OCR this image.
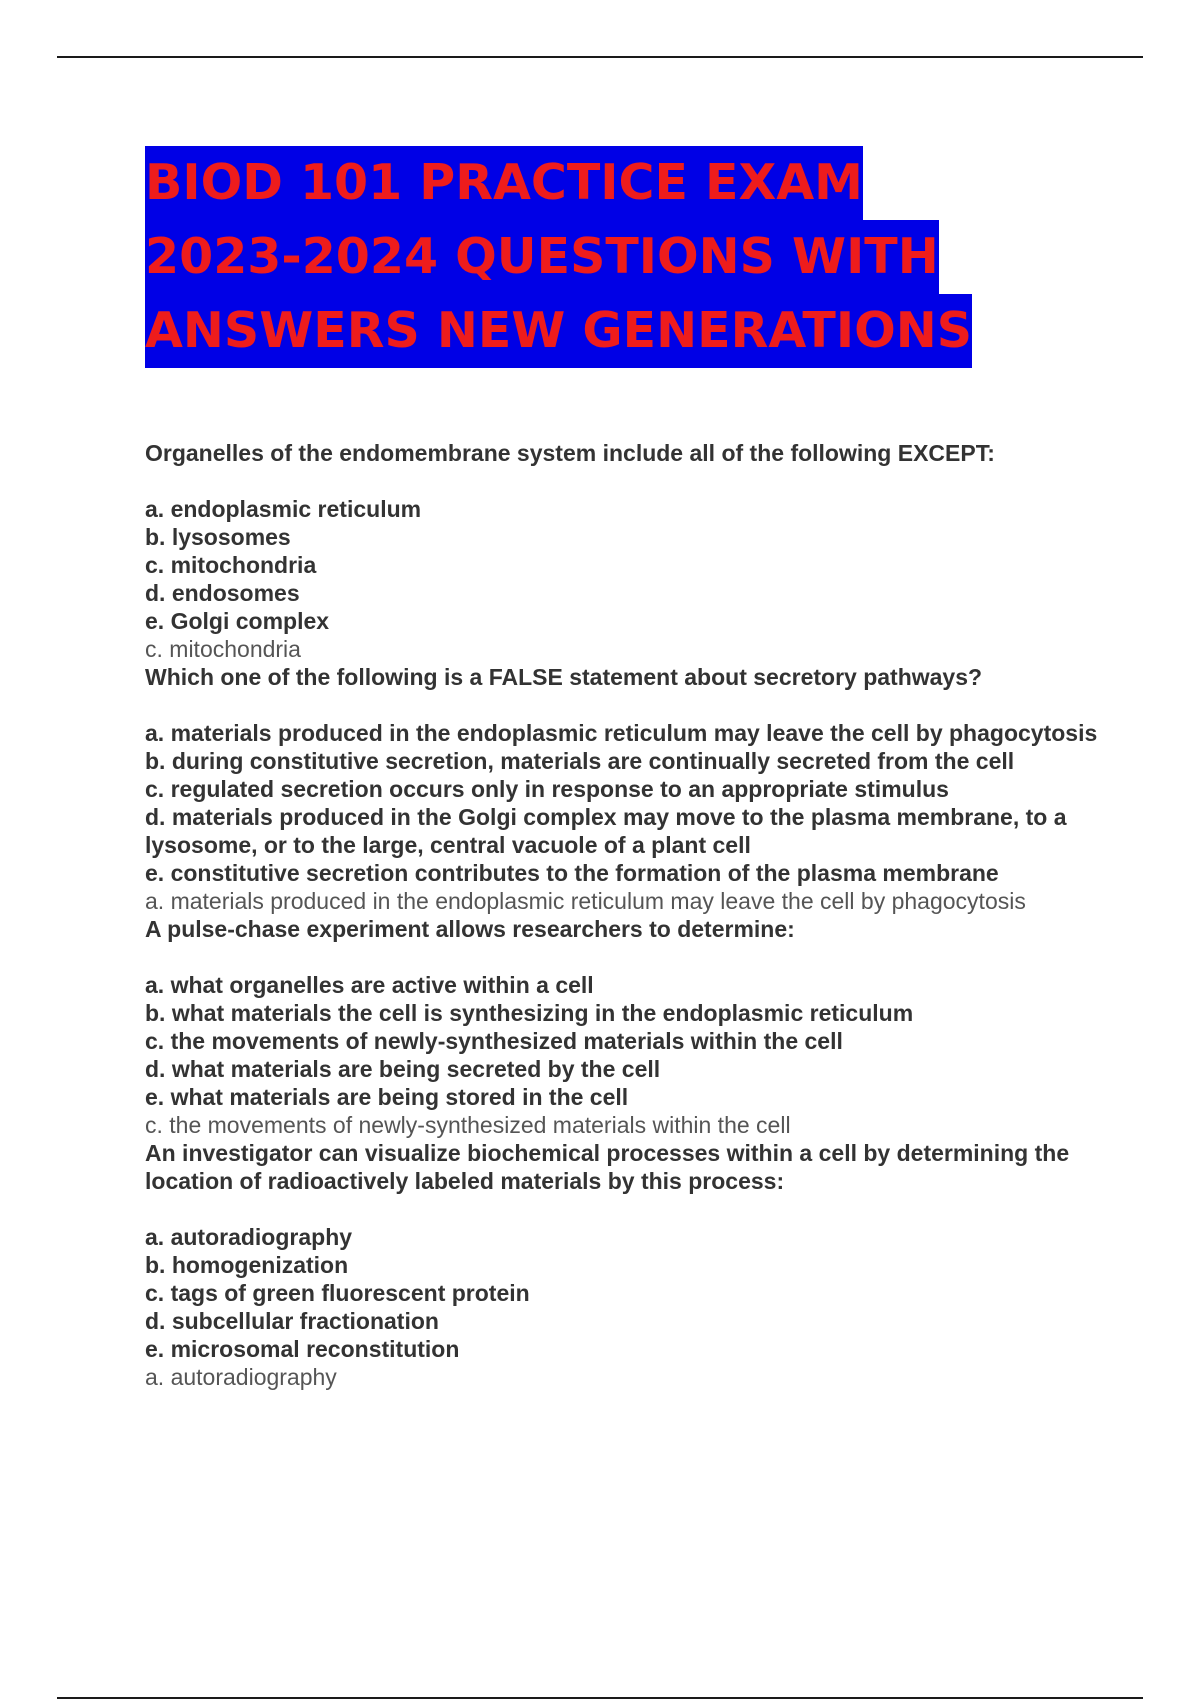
BIOD 101 PRACTICE EXAM
2023-2024 QUESTIONS WITH
ANSWERS NEW GENERATIONS
Organelles of the endomembrane system include all of the following EXCEPT:
a. endoplasmic reticulum
b. lysosomes
c. mitochondria
d. endosomes
e. Golgi complex
c. mitochondria
Which one of the following is a FALSE statement about secretory pathways?
a. materials produced in the endoplasmic reticulum may leave the cell by phagocytosis
b. during constitutive secretion, materials are continually secreted from the cell
c. regulated secretion occurs only in response to an appropriate stimulus
d. materials produced in the Golgi complex may move to the plasma membrane, to a lysosome, or to the large, central vacuole of a plant cell
e. constitutive secretion contributes to the formation of the plasma membrane
a. materials produced in the endoplasmic reticulum may leave the cell by phagocytosis
A pulse-chase experiment allows researchers to determine:
a. what organelles are active within a cell
b. what materials the cell is synthesizing in the endoplasmic reticulum
c. the movements of newly-synthesized materials within the cell
d. what materials are being secreted by the cell
e. what materials are being stored in the cell
c. the movements of newly-synthesized materials within the cell
An investigator can visualize biochemical processes within a cell by determining the location of radioactively labeled materials by this process:
a. autoradiography
b. homogenization
c. tags of green fluorescent protein
d. subcellular fractionation
e. microsomal reconstitution
a. autoradiography
